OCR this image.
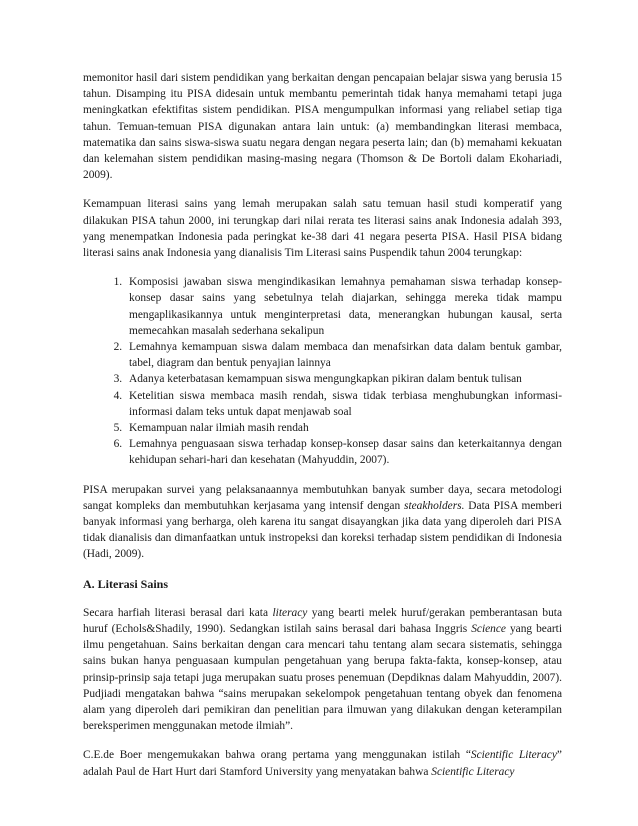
memonitor hasil dari sistem pendidikan yang berkaitan dengan pencapaian belajar siswa yang berusia 15 tahun. Disamping itu PISA didesain untuk membantu pemerintah tidak hanya memahami tetapi juga meningkatkan efektifitas sistem pendidikan. PISA mengumpulkan informasi yang reliabel setiap tiga tahun. Temuan-temuan PISA digunakan antara lain untuk: (a) membandingkan literasi membaca, matematika dan sains siswa-siswa suatu negara dengan negara peserta lain; dan (b) memahami kekuatan dan kelemahan sistem pendidikan masing-masing negara (Thomson & De Bortoli dalam Ekohariadi, 2009).

Kemampuan literasi sains yang lemah merupakan salah satu temuan hasil studi komperatif yang dilakukan PISA tahun 2000, ini terungkap dari nilai rerata tes literasi sains anak Indonesia adalah 393, yang menempatkan Indonesia pada peringkat ke-38 dari 41 negara peserta PISA. Hasil PISA bidang literasi sains anak Indonesia yang dianalisis Tim Literasi sains Puspendik tahun 2004 terungkap:

1. Komposisi jawaban siswa mengindikasikan lemahnya pemahaman siswa terhadap konsep-konsep dasar sains yang sebetulnya telah diajarkan, sehingga mereka tidak mampu mengaplikasikannya untuk menginterpretasi data, menerangkan hubungan kausal, serta memecahkan masalah sederhana sekalipun
2. Lemahnya kemampuan siswa dalam membaca dan menafsirkan data dalam bentuk gambar, tabel, diagram dan bentuk penyajian lainnya
3. Adanya keterbatasan kemampuan siswa mengungkapkan pikiran dalam bentuk tulisan
4. Ketelitian siswa membaca masih rendah, siswa tidak terbiasa menghubungkan informasi-informasi dalam teks untuk dapat menjawab soal
5. Kemampuan nalar ilmiah masih rendah
6. Lemahnya penguasaan siswa terhadap konsep-konsep dasar sains dan keterkaitannya dengan kehidupan sehari-hari dan kesehatan (Mahyuddin, 2007).

PISA merupakan survei yang pelaksanaannya membutuhkan banyak sumber daya, secara metodologi sangat kompleks dan membutuhkan kerjasama yang intensif dengan steakholders. Data PISA memberi banyak informasi yang berharga, oleh karena itu sangat disayangkan jika data yang diperoleh dari PISA tidak dianalisis dan dimanfaatkan untuk instropeksi dan koreksi terhadap sistem pendidikan di Indonesia (Hadi, 2009).

A. Literasi Sains

Secara harfiah literasi berasal dari kata literacy yang bearti melek huruf/gerakan pemberantasan buta huruf (Echols&Shadily, 1990). Sedangkan istilah sains berasal dari bahasa Inggris Science yang bearti ilmu pengetahuan. Sains berkaitan dengan cara mencari tahu tentang alam secara sistematis, sehingga sains bukan hanya penguasaan kumpulan pengetahuan yang berupa fakta-fakta, konsep-konsep, atau prinsip-prinsip saja tetapi juga merupakan suatu proses penemuan (Depdiknas dalam Mahyuddin, 2007). Pudjiadi mengatakan bahwa “sains merupakan sekelompok pengetahuan tentang obyek dan fenomena alam yang diperoleh dari pemikiran dan penelitian para ilmuwan yang dilakukan dengan keterampilan bereksperimen menggunakan metode ilmiah”.

C.E.de Boer mengemukakan bahwa orang pertama yang menggunakan istilah “Scientific Literacy” adalah Paul de Hart Hurt dari Stamford University yang menyatakan bahwa Scientific Literacy
